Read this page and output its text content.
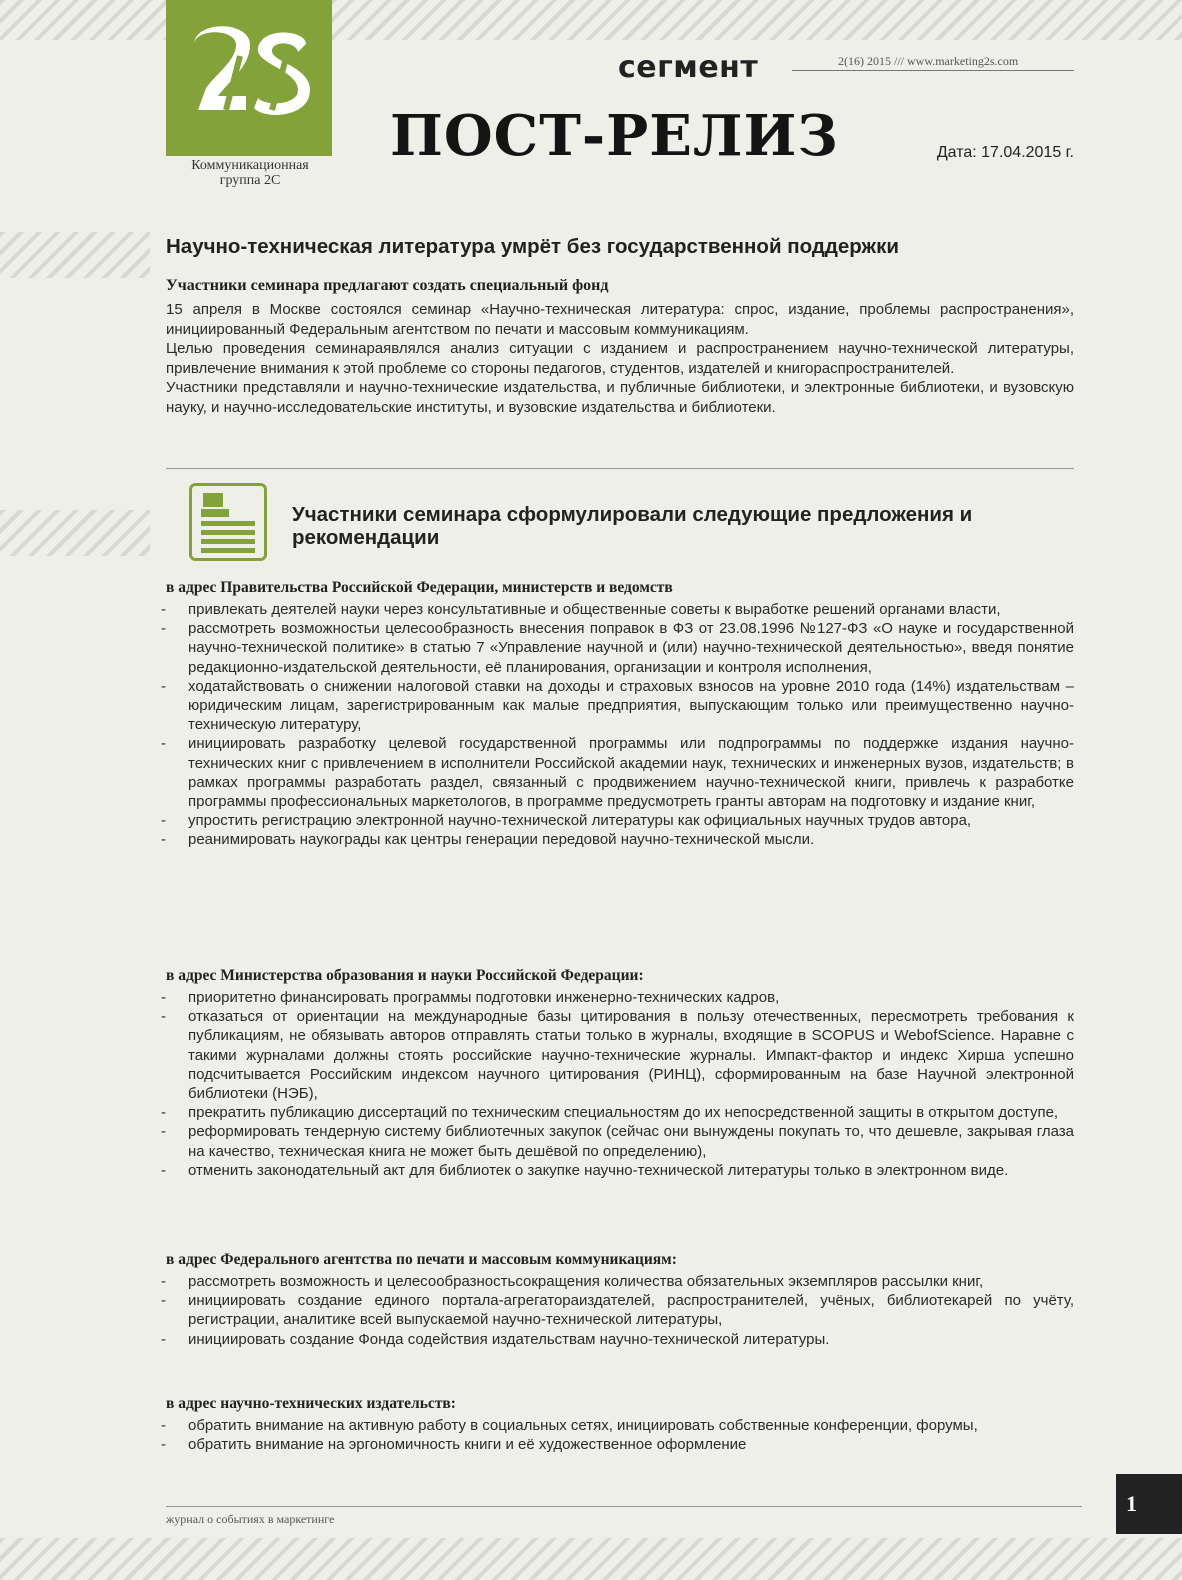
Коммуникационная
группа 2С
сегмент	2(16) 2015 /// www.marketing2s.com
ПОСТ-РЕЛИЗ	Дата: 17.04.2015 г.
Научно-техническая литература умрёт без государственной поддержки
Участники семинара предлагают создать специальный фонд

15 апреля в Москве состоялся семинар «Научно-техническая литература: спрос, издание, проблемы распространения», инициированный Федеральным агентством по печати и массовым коммуникациям.

Целью проведения семинараявлялся анализ ситуации с изданием и распространением научно-технической литературы, привлечение внимания к этой проблеме со стороны педагогов, студентов, издателей и книгораспространителей.

Участники представляли и научно-технические издательства, и публичные библиотеки, и электронные библиотеки, и вузовскую науку, и научно-исследовательские институты, и вузовские издательства и библиотеки.

Участники семинара сформулировали следующие предложения и рекомендации
в адрес Правительства Российской Федерации, министерств и ведомств
- привлекать деятелей науки через консультативные и общественные советы к выработке решений органами власти,
- рассмотреть возможностьи целесообразность внесения поправок в ФЗ от 23.08.1996 №127-ФЗ «О науке и государственной научно-технической политике» в статью 7 «Управление научной и (или) научно-технической деятельностью», введя понятие редакционно-издательской деятельности, её планирования, организации и контроля исполнения,
- ходатайствовать о снижении налоговой ставки на доходы и страховых взносов на уровне 2010 года (14%) издательствам – юридическим лицам, зарегистрированным как малые предприятия, выпускающим только или преимущественно научно-техническую литературу,
- инициировать разработку целевой государственной программы или подпрограммы по поддержке издания научно-технических книг с привлечением в исполнители Российской академии наук, технических и инженерных вузов, издательств; в рамках программы разработать раздел, связанный с продвижением научно-технической книги, привлечь к разработке программы профессиональных маркетологов, в программе предусмотреть гранты авторам на подготовку и издание книг,
- упростить регистрацию электронной научно-технической литературы как официальных научных трудов автора,
- реанимировать наукограды как центры генерации передовой научно-технической мысли.
в адрес Министерства образования и науки Российской Федерации:
- приоритетно финансировать программы подготовки инженерно-технических кадров,
- отказаться от ориентации на международные базы цитирования в пользу отечественных, пересмотреть требования к публикациям, не обязывать авторов отправлять статьи только в журналы, входящие в SCOPUS и WebofScience. Наравне с такими журналами должны стоять российские научно-технические журналы. Импакт-фактор и индекс Хирша успешно подсчитывается Российским индексом научного цитирования (РИНЦ), сформированным на базе Научной электронной библиотеки (НЭБ),
- прекратить публикацию диссертаций по техническим специальностям до их непосредственной защиты в открытом доступе,
- реформировать тендерную систему библиотечных закупок (сейчас они вынуждены покупать то, что дешевле, закрывая глаза на качество, техническая книга не может быть дешёвой по определению),
- отменить законодательный акт для библиотек о закупке научно-технической литературы только в электронном виде.
в адрес Федерального агентства по печати и массовым коммуникациям:
- рассмотреть возможность и целесообразностьсокращения количества обязательных экземпляров рассылки книг,
- инициировать создание единого портала-агрегатораиздателей, распространителей, учёных, библиотекарей по учёту, регистрации, аналитике всей выпускаемой научно-технической литературы,
- инициировать создание Фонда содействия издательствам научно-технической литературы.
в адрес научно-технических издательств:
- обратить внимание на активную работу в социальных сетях, инициировать собственные конференции, форумы,
- обратить внимание на эргономичность книги и её художественное оформление
журнал о событиях в маркетинге
1
